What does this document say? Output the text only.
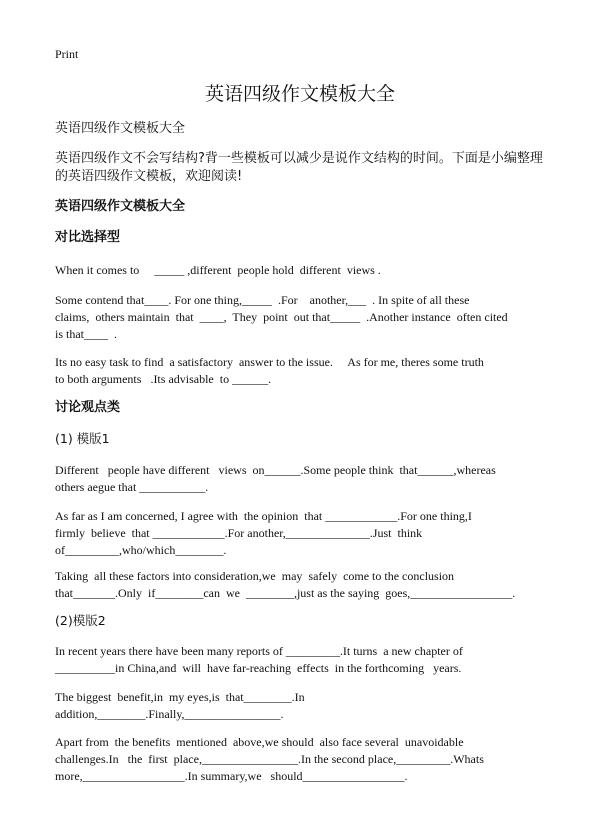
Print
英语四级作文模板大全
英语四级作文模板大全
英语四级作文不会写结构?背一些模板可以减少是说作文结构的时间。下面是小编整理的英语四级作文模板，欢迎阅读!
英语四级作文模板大全
对比选择型
When it comes to     _____ ,different  people hold  different  views .
Some contend that____. For one thing,_____  .For    another,___  . In spite of all these
claims,  others maintain  that  ____,  They  point  out that_____  .Another instance  often cited
is that____  .
Its no easy task to find  a satisfactory  answer to the issue.     As for me, theres some truth
to both arguments   .Its advisable  to ______.
讨论观点类
(1) 模版1
Different   people have different   views  on______.Some people think  that______,whereas
others aegue that ___________.
As far as I am concerned, I agree with  the opinion  that ____________.For one thing,I
firmly  believe  that ____________.For another,______________.Just  think
of_________,who/which________.
Taking  all these factors into consideration,we  may  safely  come to the conclusion
that_______.Only  if________can  we  ________,just as the saying  goes,_________________.
(2)模版2
In recent years there have been many reports of _________.It turns  a new chapter of
__________in China,and  will  have far-reaching  effects  in the forthcoming   years.
The biggest  benefit,in  my eyes,is  that________.In
addition,________.Finally,________________.
Apart from  the benefits  mentioned  above,we should  also face several  unavoidable
challenges.In   the  first  place,________________.In the second place,_________.Whats
more,_________________.In summary,we   should_________________.
